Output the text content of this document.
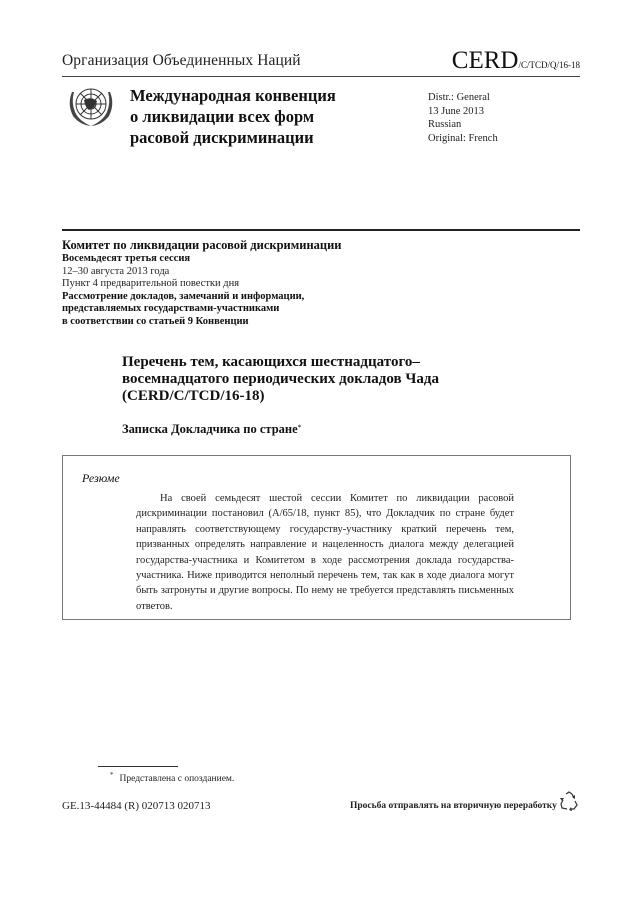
Организация Объединенных Наций	CERD /C/TCD/Q/16-18
Международная конвенция
о ликвидации всех форм
расовой дискриминации
Distr.: General
13 June 2013
Russian
Original: French
Комитет по ликвидации расовой дискриминации
Восемьдесят третья сессия
12–30 августа 2013 года
Пункт 4 предварительной повестки дня
Рассмотрение докладов, замечаний и информации,
представляемых государствами-участниками
в соответствии со статьей 9 Конвенции
Перечень тем, касающихся шестнадцатого–
восемнадцатого периодических докладов Чада
(CERD/C/TCD/16-18)
Записка Докладчика по стране*
Резюме
На своей семьдесят шестой сессии Комитет по ликвидации расовой дискриминации постановил (A/65/18, пункт 85), что Докладчик по стране будет направлять соответствующему государству-участнику краткий перечень тем, призванных определять направление и нацеленность диалога между делегацией государства-участника и Комитетом в ходе рассмотрения доклада государства-участника. Ниже приводится неполный перечень тем, так как в ходе диалога могут быть затронуты и другие вопросы. По нему не требуется представлять письменных ответов.
* Представлена с опозданием.
GE.13-44484 (R) 020713 020713	Просьба отправлять на вторичную переработку
